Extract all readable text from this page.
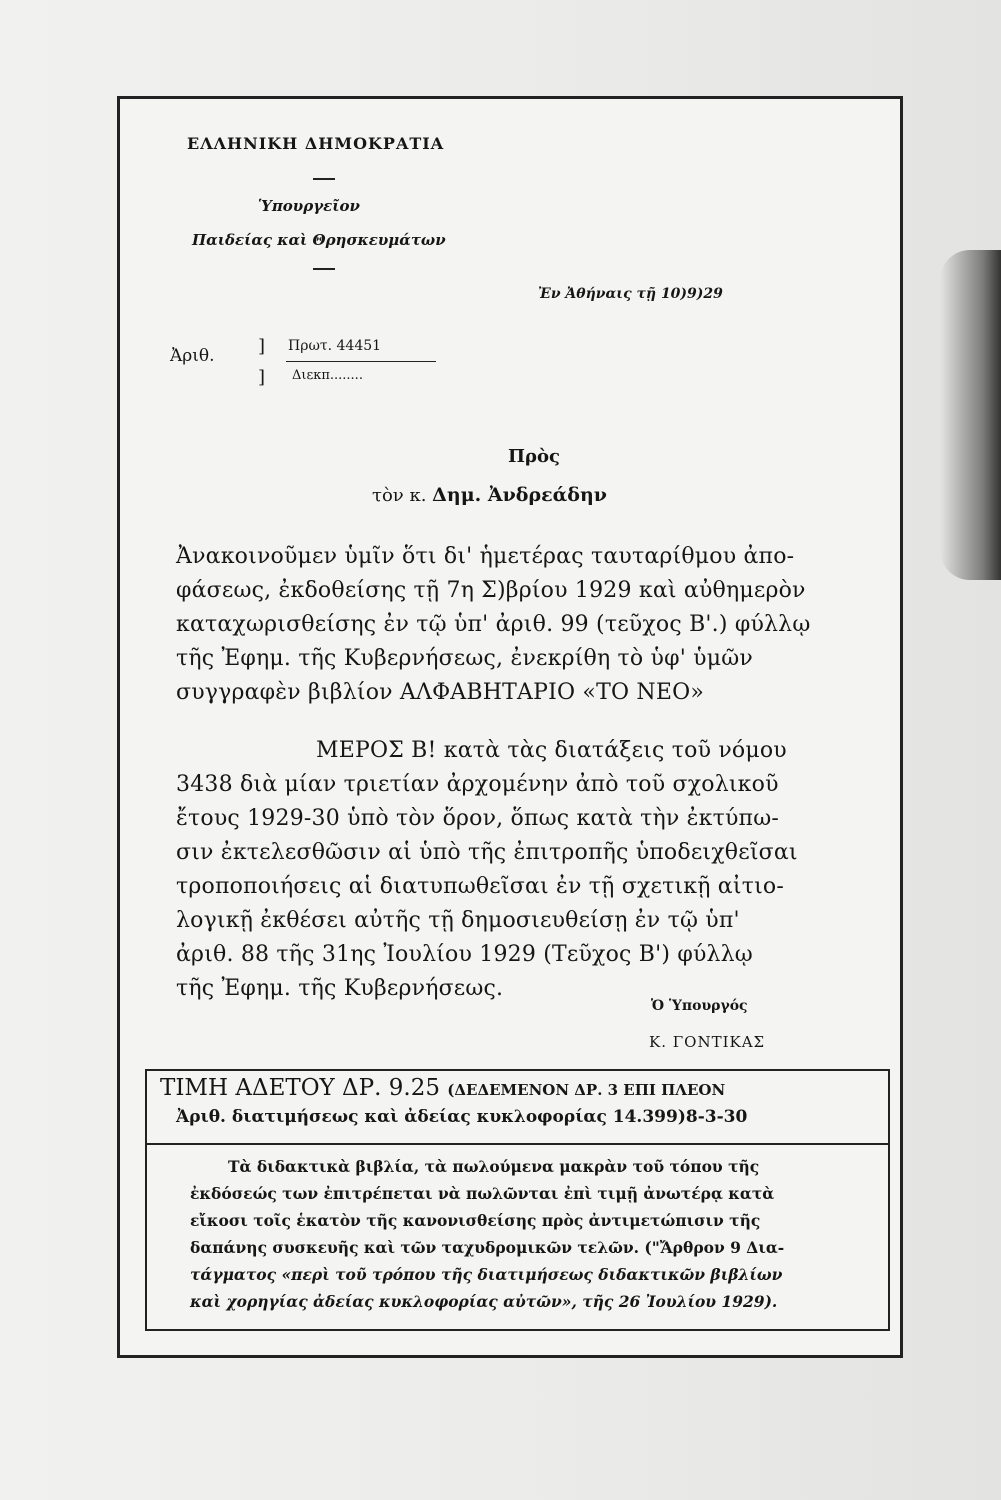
ΕΛΛΗΝΙΚΗ ΔΗΜΟΚΡΑΤΙΑ
Ὑπουργεῖον
Παιδείας καὶ Θρησκευμάτων
Ἐν Ἀθήναις τῇ 10)9)29
Ἀριθ. ]
]
Πρωτ. 44451
Διεκπ........
Πρὸς
τὸν κ. Δημ. Ἀνδρεάδην
Ἀνακοινοῦμεν ὑμῖν ὅτι δι' ἡμετέρας ταυταρίθμου ἀπο-
φάσεως, ἐκδοθείσης τῇ 7η Σ)βρίου 1929 καὶ αὐθημερὸν
καταχωρισθείσης ἐν τῷ ὑπ' ἀριθ. 99 (τεῦχος Β'.) φύλλῳ
τῆς Ἐφημ. τῆς Κυβερνήσεως, ἐνεκρίθη τὸ ὑφ' ὑμῶν
συγγραφὲν βιβλίον ΑΛΦΑΒΗΤΑΡΙΟ «ΤΟ ΝΕΟ»
ΜΕΡΟΣ Β! κατὰ τὰς διατάξεις τοῦ νόμου
3438 διὰ μίαν τριετίαν ἀρχομένην ἀπὸ τοῦ σχολικοῦ
ἔτους 1929-30 ὑπὸ τὸν ὅρον, ὅπως κατὰ τὴν ἐκτύπω-
σιν ἐκτελεσθῶσιν αἱ ὑπὸ τῆς ἐπιτροπῆς ὑποδειχθεῖσαι
τροποποιήσεις αἱ διατυπωθεῖσαι ἐν τῇ σχετικῇ αἰτιο-
λογικῇ ἐκθέσει αὐτῆς τῇ δημοσιευθείσῃ ἐν τῷ ὑπ'
ἀριθ. 88 τῆς 31ης Ἰουλίου 1929 (Τεῦχος Β') φύλλῳ
τῆς Ἐφημ. τῆς Κυβερνήσεως.
Ὁ Ὑπουργός
Κ. ΓΟΝΤΙΚΑΣ
ΤΙΜΗ ΑΔΕΤΟΥ ΔΡ. 9.25 (ΔΕΔΕΜΕΝΟΝ ΔΡ. 3 ΕΠΙ ΠΛΕΟΝ
Ἀριθ. διατιμήσεως καὶ ἀδείας κυκλοφορίας 14.399)8-3-30
Τὰ διδακτικὰ βιβλία, τὰ πωλούμενα μακρὰν τοῦ τόπου τῆς
ἐκδόσεώς των ἐπιτρέπεται νὰ πωλῶνται ἐπὶ τιμῇ ἀνωτέρᾳ κατὰ
εἴκοσι τοῖς ἑκατὸν τῆς κανονισθείσης πρὸς ἀντιμετώπισιν τῆς
δαπάνης συσκευῆς καὶ τῶν ταχυδρομικῶν τελῶν. ("Ἄρθρον 9 Δια-
τάγματος «περὶ τοῦ τρόπου τῆς διατιμήσεως διδακτικῶν βιβλίων
καὶ χορηγίας ἀδείας κυκλοφορίας αὐτῶν», τῆς 26 Ἰουλίου 1929).
